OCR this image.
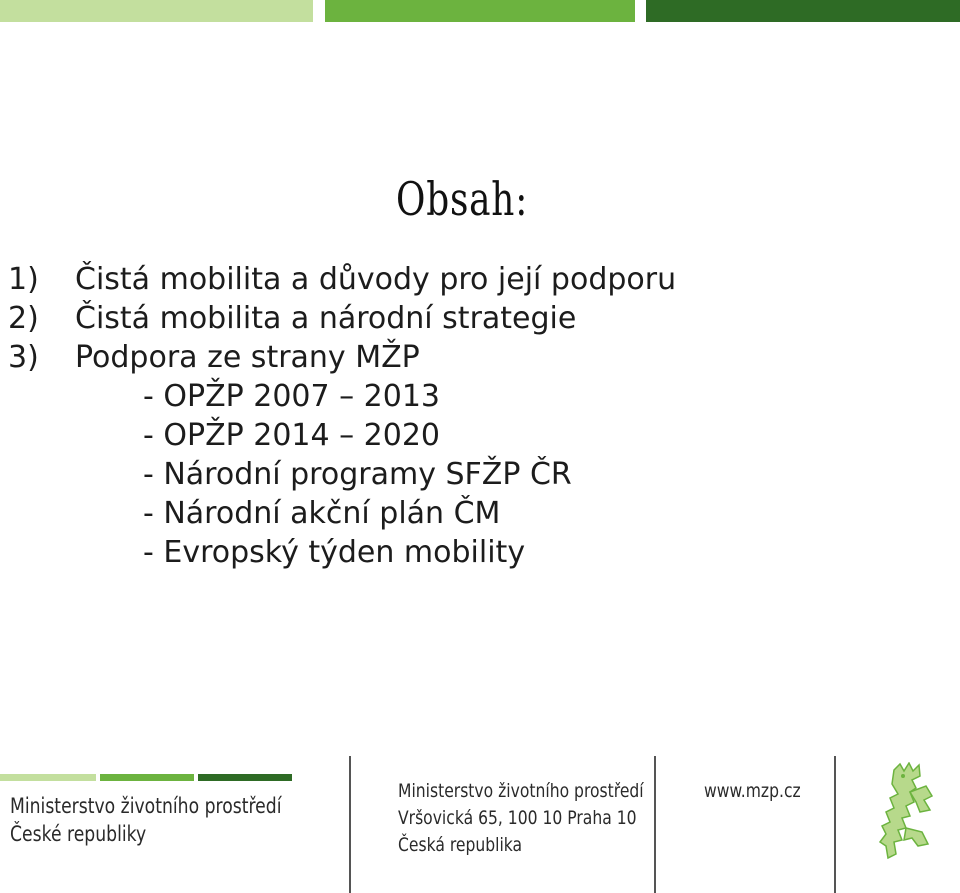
Obsah:
1) Čistá mobilita a důvody pro její podporu
2) Čistá mobilita a národní strategie
3) Podpora ze strany MŽP
- OPŽP 2007 – 2013
- OPŽP 2014 – 2020
- Národní programy SFŽP ČR
- Národní akční plán ČM
- Evropský týden mobility
Ministerstvo životního prostředí
České republiky
Ministerstvo životního prostředí
Vršovická 65, 100 10 Praha 10
Česká republika
www.mzp.cz
